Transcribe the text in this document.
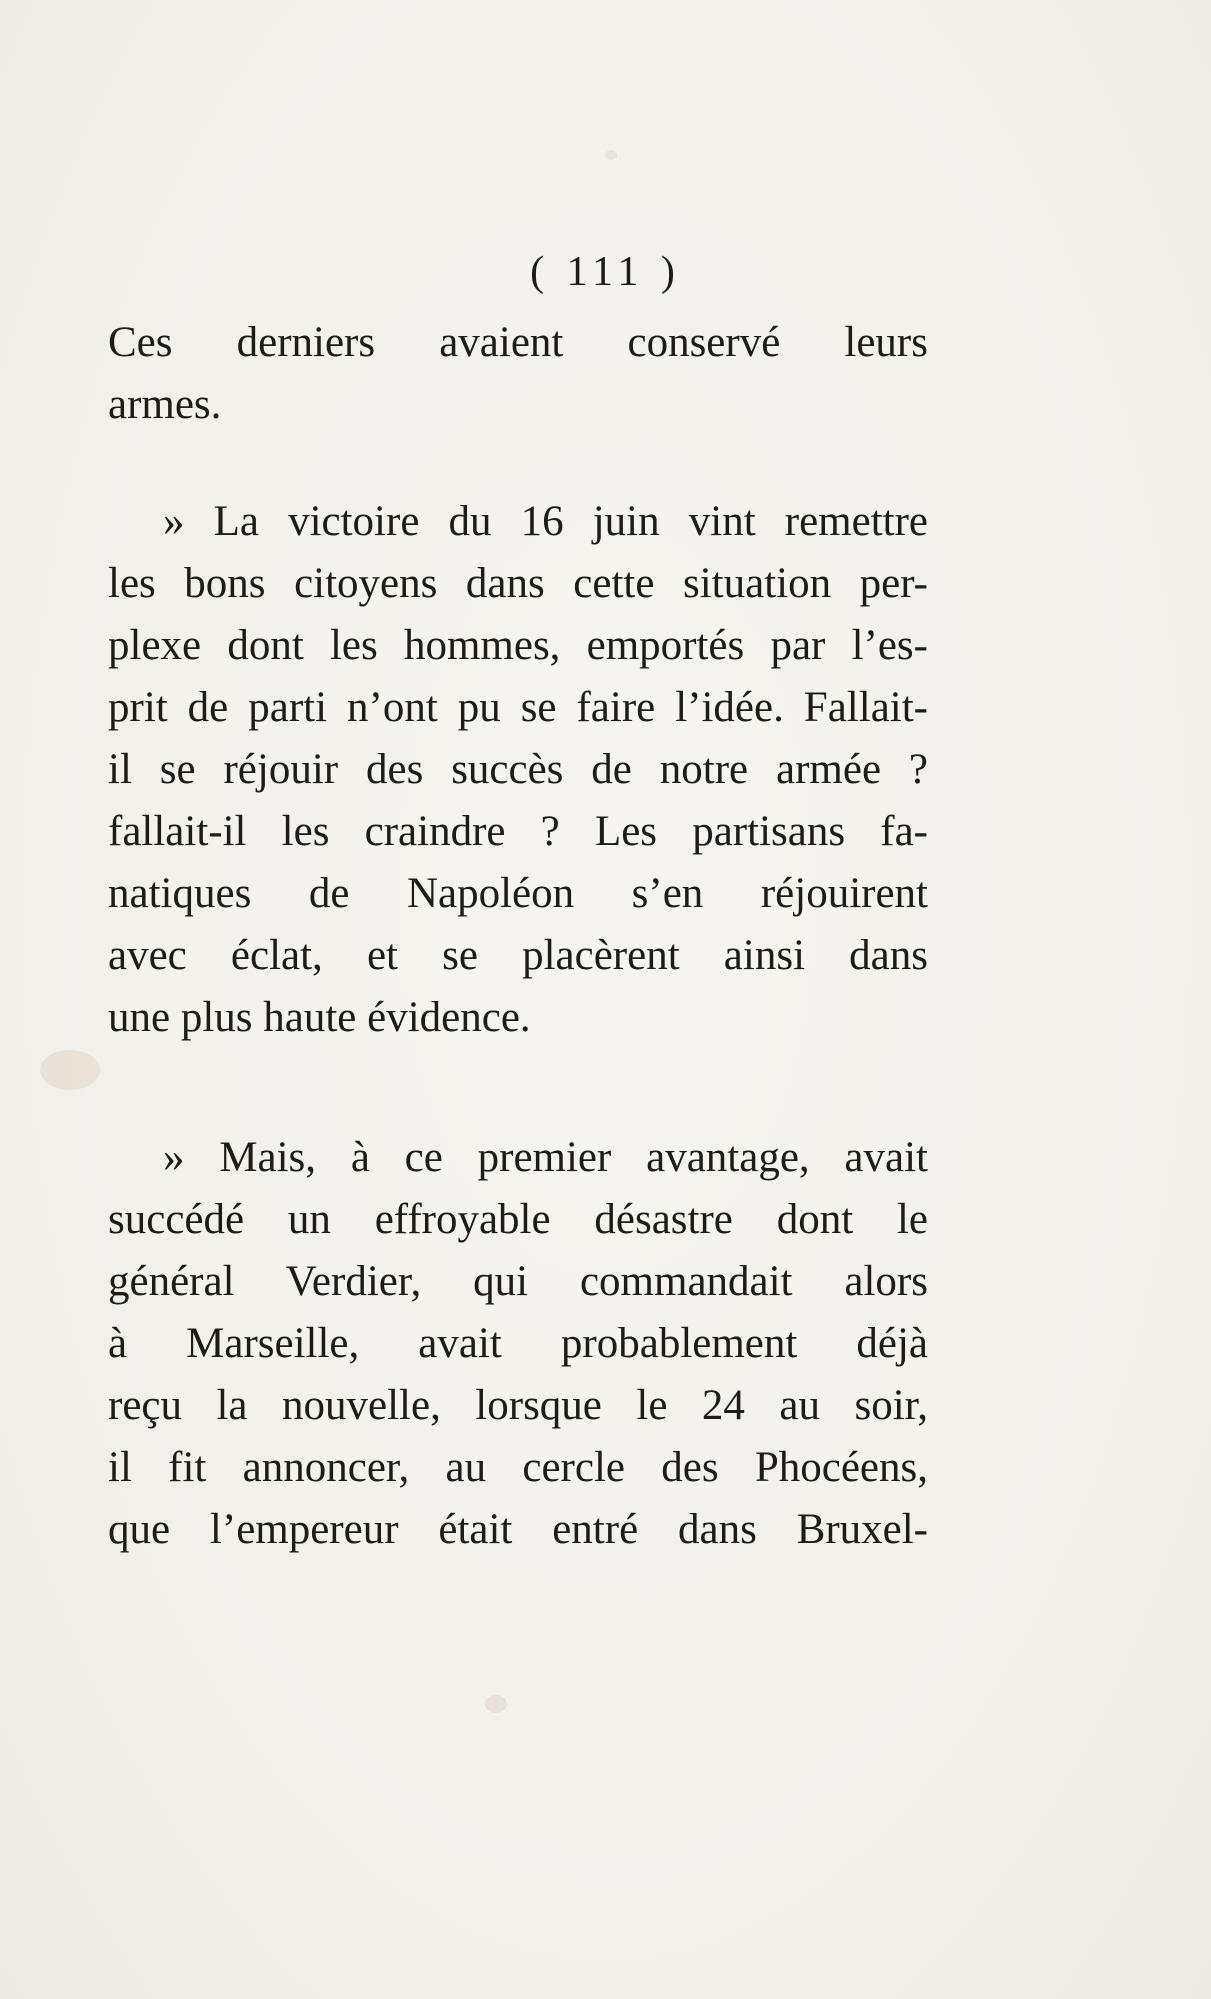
( 111 )
Ces derniers avaient conservé leurs
armes.
» La victoire du 16 juin vint remettre
les bons citoyens dans cette situation per-
plexe dont les hommes, emportés par l’es-
prit de parti n’ont pu se faire l’idée. Fallait-
il se réjouir des succès de notre armée ?
fallait-il les craindre ? Les partisans fa-
natiques de Napoléon s’en réjouirent
avec éclat, et se placèrent ainsi dans
une plus haute évidence.
» Mais, à ce premier avantage, avait
succédé un effroyable désastre dont le
général Verdier, qui commandait alors
à Marseille, avait probablement déjà
reçu la nouvelle, lorsque le 24 au soir,
il fit annoncer, au cercle des Phocéens,
que l’empereur était entré dans Bruxel-
